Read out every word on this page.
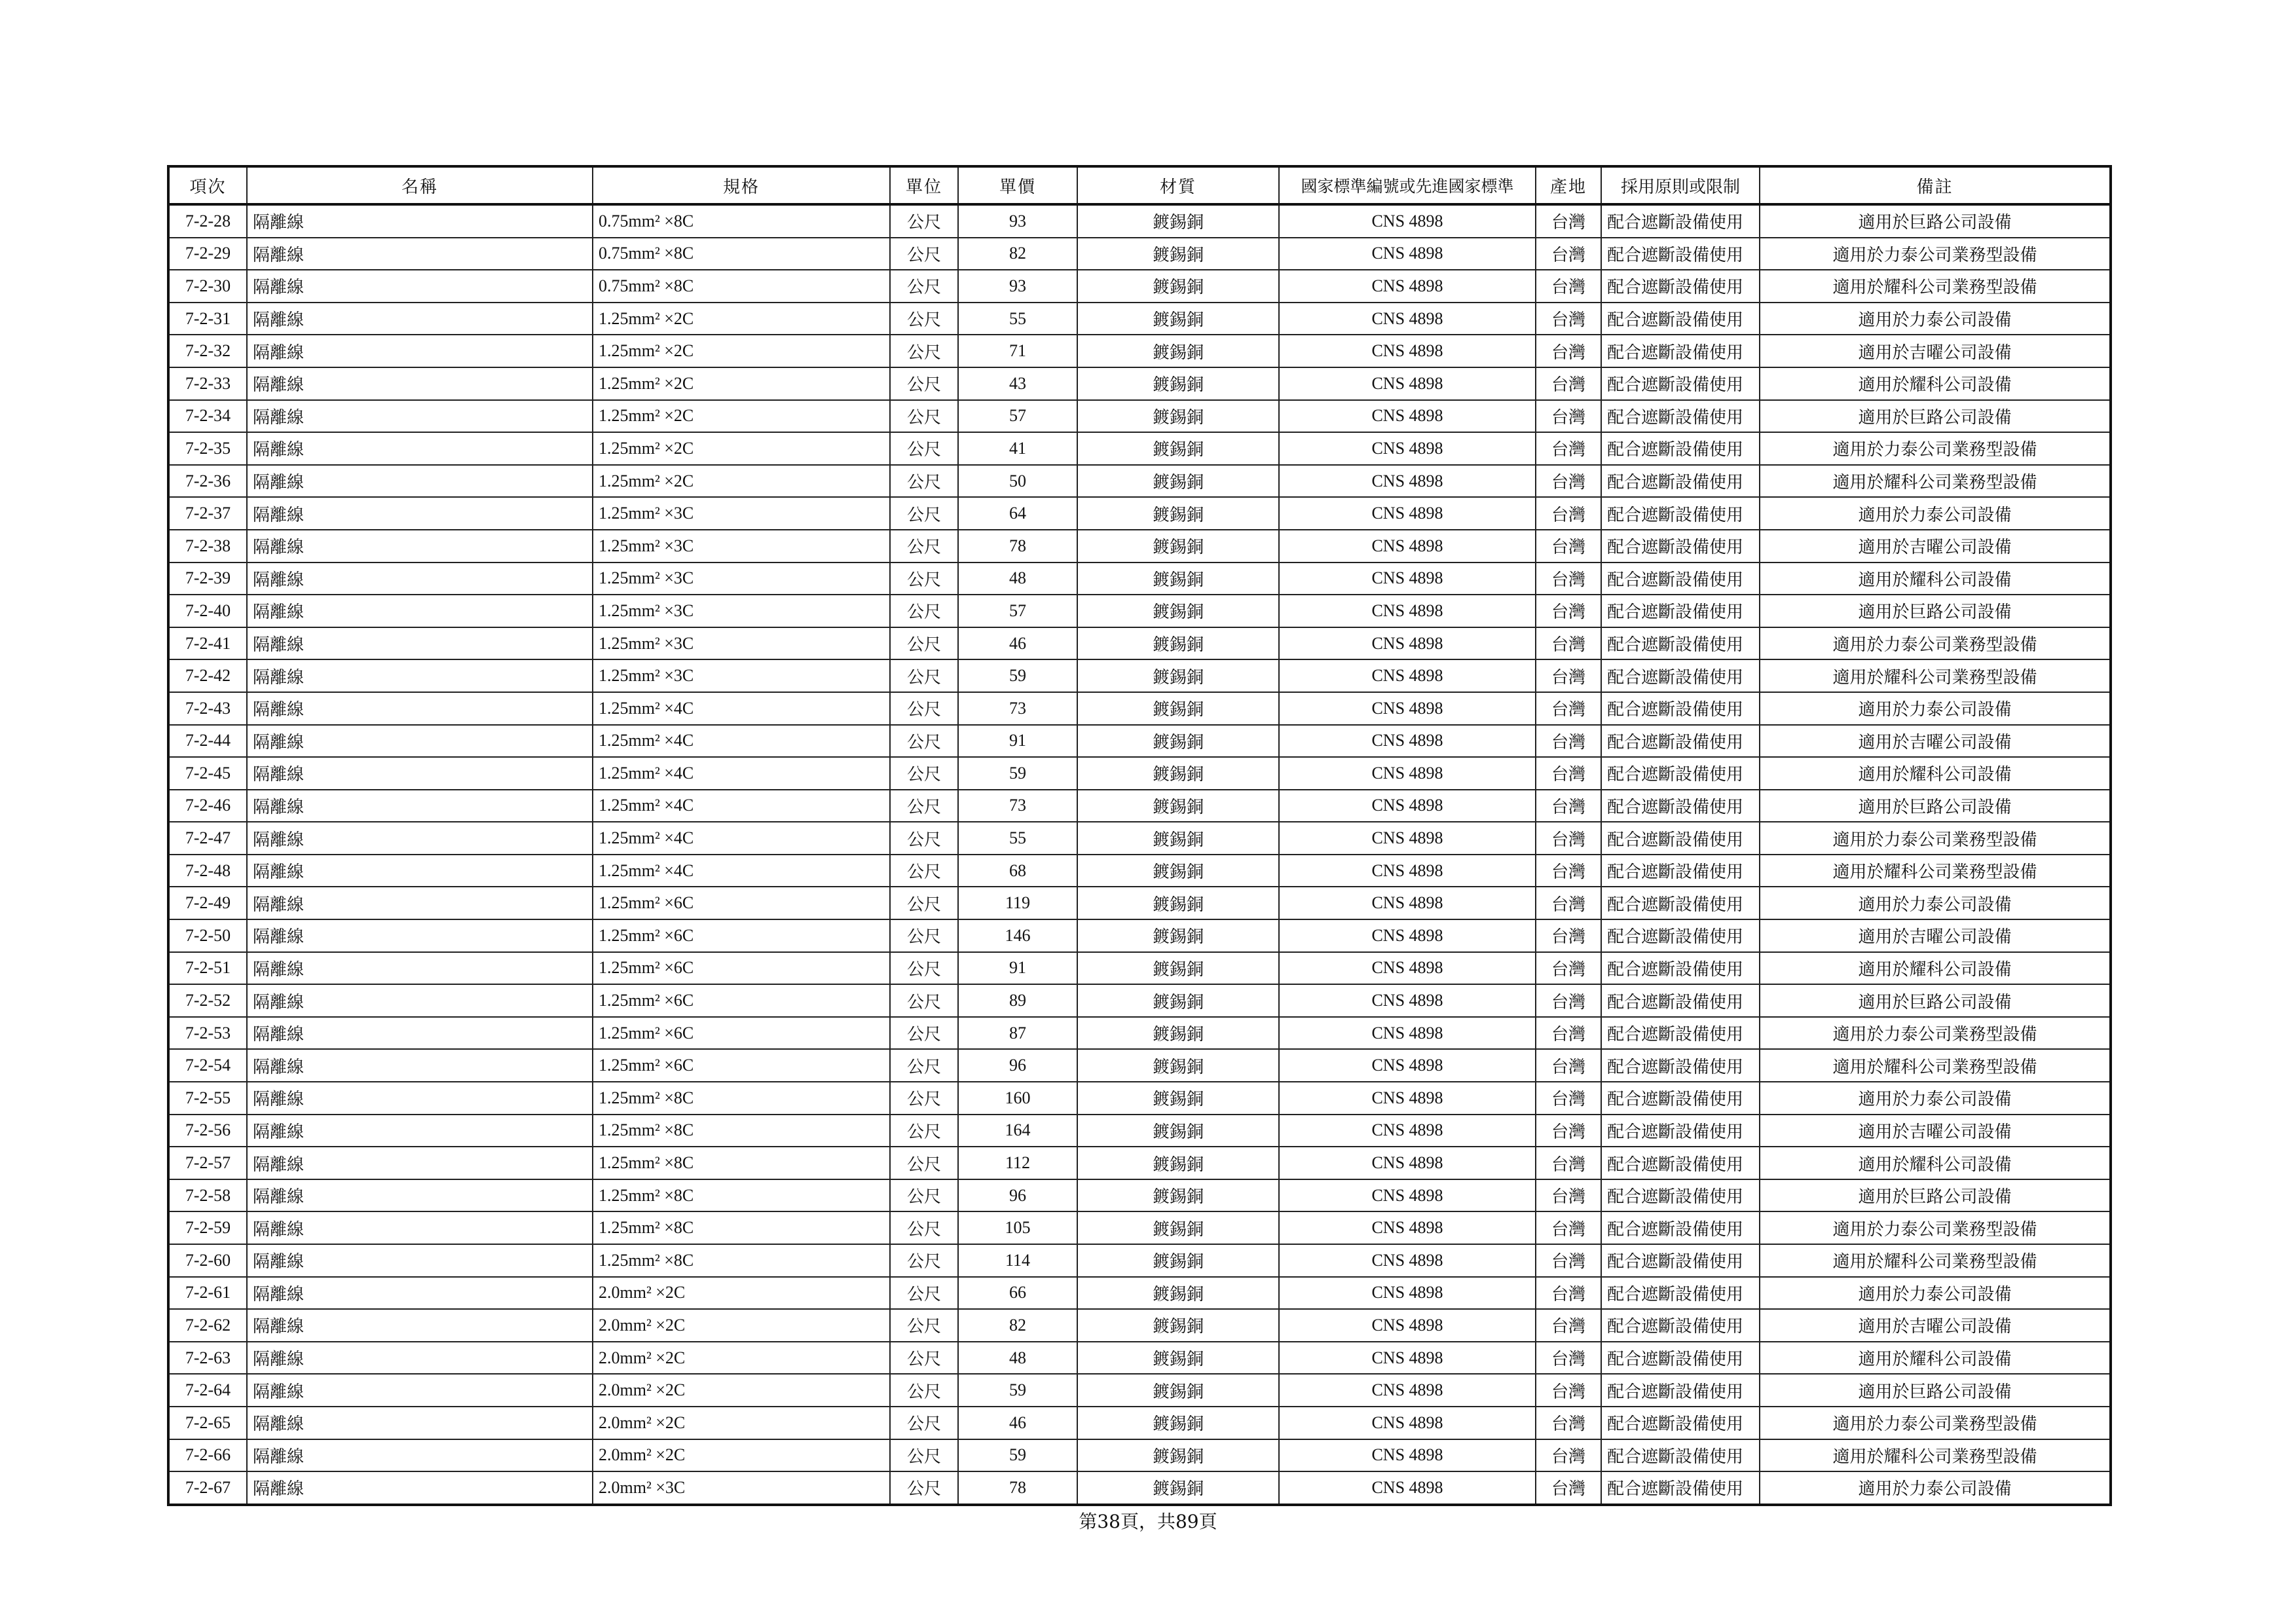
項次	名稱	規格	單位	單價	材質	國家標準編號或先進國家標準	產地	採用原則或限制	備註
7-2-28	隔離線	0.75mm² ×8C	公尺	93	鍍錫銅	CNS 4898	台灣	配合遮斷設備使用	適用於巨路公司設備
7-2-29	隔離線	0.75mm² ×8C	公尺	82	鍍錫銅	CNS 4898	台灣	配合遮斷設備使用	適用於力泰公司業務型設備
7-2-30	隔離線	0.75mm² ×8C	公尺	93	鍍錫銅	CNS 4898	台灣	配合遮斷設備使用	適用於耀科公司業務型設備
7-2-31	隔離線	1.25mm² ×2C	公尺	55	鍍錫銅	CNS 4898	台灣	配合遮斷設備使用	適用於力泰公司設備
7-2-32	隔離線	1.25mm² ×2C	公尺	71	鍍錫銅	CNS 4898	台灣	配合遮斷設備使用	適用於吉曜公司設備
7-2-33	隔離線	1.25mm² ×2C	公尺	43	鍍錫銅	CNS 4898	台灣	配合遮斷設備使用	適用於耀科公司設備
7-2-34	隔離線	1.25mm² ×2C	公尺	57	鍍錫銅	CNS 4898	台灣	配合遮斷設備使用	適用於巨路公司設備
7-2-35	隔離線	1.25mm² ×2C	公尺	41	鍍錫銅	CNS 4898	台灣	配合遮斷設備使用	適用於力泰公司業務型設備
7-2-36	隔離線	1.25mm² ×2C	公尺	50	鍍錫銅	CNS 4898	台灣	配合遮斷設備使用	適用於耀科公司業務型設備
7-2-37	隔離線	1.25mm² ×3C	公尺	64	鍍錫銅	CNS 4898	台灣	配合遮斷設備使用	適用於力泰公司設備
7-2-38	隔離線	1.25mm² ×3C	公尺	78	鍍錫銅	CNS 4898	台灣	配合遮斷設備使用	適用於吉曜公司設備
7-2-39	隔離線	1.25mm² ×3C	公尺	48	鍍錫銅	CNS 4898	台灣	配合遮斷設備使用	適用於耀科公司設備
7-2-40	隔離線	1.25mm² ×3C	公尺	57	鍍錫銅	CNS 4898	台灣	配合遮斷設備使用	適用於巨路公司設備
7-2-41	隔離線	1.25mm² ×3C	公尺	46	鍍錫銅	CNS 4898	台灣	配合遮斷設備使用	適用於力泰公司業務型設備
7-2-42	隔離線	1.25mm² ×3C	公尺	59	鍍錫銅	CNS 4898	台灣	配合遮斷設備使用	適用於耀科公司業務型設備
7-2-43	隔離線	1.25mm² ×4C	公尺	73	鍍錫銅	CNS 4898	台灣	配合遮斷設備使用	適用於力泰公司設備
7-2-44	隔離線	1.25mm² ×4C	公尺	91	鍍錫銅	CNS 4898	台灣	配合遮斷設備使用	適用於吉曜公司設備
7-2-45	隔離線	1.25mm² ×4C	公尺	59	鍍錫銅	CNS 4898	台灣	配合遮斷設備使用	適用於耀科公司設備
7-2-46	隔離線	1.25mm² ×4C	公尺	73	鍍錫銅	CNS 4898	台灣	配合遮斷設備使用	適用於巨路公司設備
7-2-47	隔離線	1.25mm² ×4C	公尺	55	鍍錫銅	CNS 4898	台灣	配合遮斷設備使用	適用於力泰公司業務型設備
7-2-48	隔離線	1.25mm² ×4C	公尺	68	鍍錫銅	CNS 4898	台灣	配合遮斷設備使用	適用於耀科公司業務型設備
7-2-49	隔離線	1.25mm² ×6C	公尺	119	鍍錫銅	CNS 4898	台灣	配合遮斷設備使用	適用於力泰公司設備
7-2-50	隔離線	1.25mm² ×6C	公尺	146	鍍錫銅	CNS 4898	台灣	配合遮斷設備使用	適用於吉曜公司設備
7-2-51	隔離線	1.25mm² ×6C	公尺	91	鍍錫銅	CNS 4898	台灣	配合遮斷設備使用	適用於耀科公司設備
7-2-52	隔離線	1.25mm² ×6C	公尺	89	鍍錫銅	CNS 4898	台灣	配合遮斷設備使用	適用於巨路公司設備
7-2-53	隔離線	1.25mm² ×6C	公尺	87	鍍錫銅	CNS 4898	台灣	配合遮斷設備使用	適用於力泰公司業務型設備
7-2-54	隔離線	1.25mm² ×6C	公尺	96	鍍錫銅	CNS 4898	台灣	配合遮斷設備使用	適用於耀科公司業務型設備
7-2-55	隔離線	1.25mm² ×8C	公尺	160	鍍錫銅	CNS 4898	台灣	配合遮斷設備使用	適用於力泰公司設備
7-2-56	隔離線	1.25mm² ×8C	公尺	164	鍍錫銅	CNS 4898	台灣	配合遮斷設備使用	適用於吉曜公司設備
7-2-57	隔離線	1.25mm² ×8C	公尺	112	鍍錫銅	CNS 4898	台灣	配合遮斷設備使用	適用於耀科公司設備
7-2-58	隔離線	1.25mm² ×8C	公尺	96	鍍錫銅	CNS 4898	台灣	配合遮斷設備使用	適用於巨路公司設備
7-2-59	隔離線	1.25mm² ×8C	公尺	105	鍍錫銅	CNS 4898	台灣	配合遮斷設備使用	適用於力泰公司業務型設備
7-2-60	隔離線	1.25mm² ×8C	公尺	114	鍍錫銅	CNS 4898	台灣	配合遮斷設備使用	適用於耀科公司業務型設備
7-2-61	隔離線	2.0mm² ×2C	公尺	66	鍍錫銅	CNS 4898	台灣	配合遮斷設備使用	適用於力泰公司設備
7-2-62	隔離線	2.0mm² ×2C	公尺	82	鍍錫銅	CNS 4898	台灣	配合遮斷設備使用	適用於吉曜公司設備
7-2-63	隔離線	2.0mm² ×2C	公尺	48	鍍錫銅	CNS 4898	台灣	配合遮斷設備使用	適用於耀科公司設備
7-2-64	隔離線	2.0mm² ×2C	公尺	59	鍍錫銅	CNS 4898	台灣	配合遮斷設備使用	適用於巨路公司設備
7-2-65	隔離線	2.0mm² ×2C	公尺	46	鍍錫銅	CNS 4898	台灣	配合遮斷設備使用	適用於力泰公司業務型設備
7-2-66	隔離線	2.0mm² ×2C	公尺	59	鍍錫銅	CNS 4898	台灣	配合遮斷設備使用	適用於耀科公司業務型設備
7-2-67	隔離線	2.0mm² ×3C	公尺	78	鍍錫銅	CNS 4898	台灣	配合遮斷設備使用	適用於力泰公司設備
第38頁，共89頁
